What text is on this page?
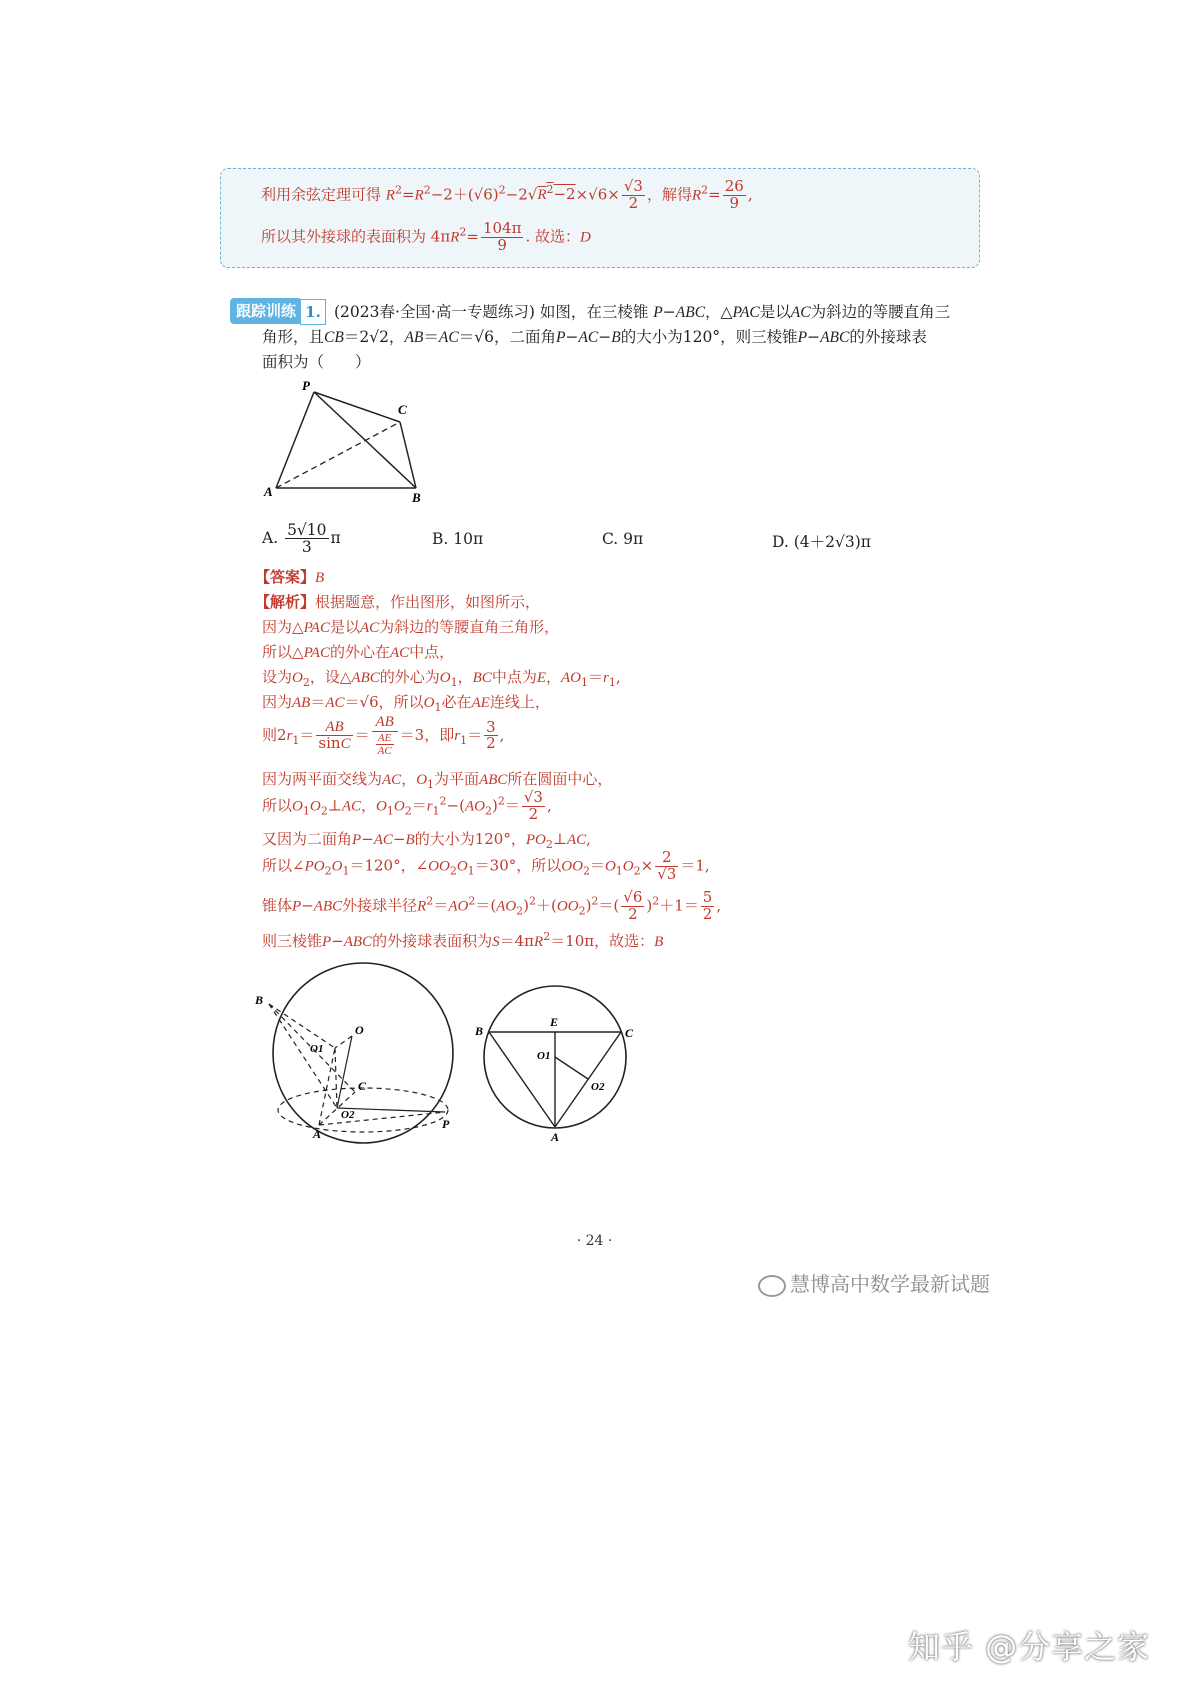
利用余弦定理可得 $R^2=R^2-2+(√6)^2-2√R^2-2\times√6\times \frac{√3}{2}$ ，解得$R^2= \frac{26}{9}$ ,
所以其外接球的表面积为 $4\pi R^2= \frac{104\pi}{9}$ . 故选：D
跟踪训练 1. (2023春·全国·高一专题练习) 如图，在三棱锥 P−ABC，△PAC是以AC为斜边的等腰直角三
角形，且CB＝2√2，AB＝AC＝√6，二面角P−AC−B的大小为120°，则三棱锥P−ABC的外接球表
面积为（　　）
P
C
A	B
A. $\frac{5√10}{3}$ π	B. 10π	C. 9π	D. (4＋2√3)π
【答案】B
【解析】根据题意，作出图形，如图所示，
因为△PAC是以AC为斜边的等腰直角三角形，
所以△PAC的外心在AC中点，
设为$O_2$，设△ABC的外心为$O_1$，BC中点为E，$AO_1=r_1$,
因为AB＝AC＝√6，所以$O_1$必在AE连线上，
则$2r_1= \frac{AB}{\sin C} = \frac{AB}{\frac{AE}{AC}} =3$，即$r_1= \frac{3}{2}$ ,
因为两平面交线为AC，$O_1$为平面ABC所在圆面中心，
所以$O_1O_2\perp AC$，$O_1O_2=r_1^2-(AO_2)^2= \frac{√3}{2}$ ,
又因为二面角P−AC−B的大小为120°，$PO_2\perp AC$,
所以$\angle PO_2O_1=120^\circ$，$\angle OO_2O_1=30^\circ$，所以$OO_2=O_1O_2\times \frac{2}{√3} =1$,
锥体P−ABC外接球半径$R^2=AO^2=(AO_2)^2+(OO_2)^2=( \frac{√6}{2} )^2+1= \frac{5}{2}$ ,
则三棱锥P−ABC的外接球表面积为$S=4\pi R^2=10\pi$，故选：B
B
O
O1
C
O2
A
P
B
E
C
O1
O2
A
· 24 ·
慧博高中数学最新试题
知乎 @分享之家
